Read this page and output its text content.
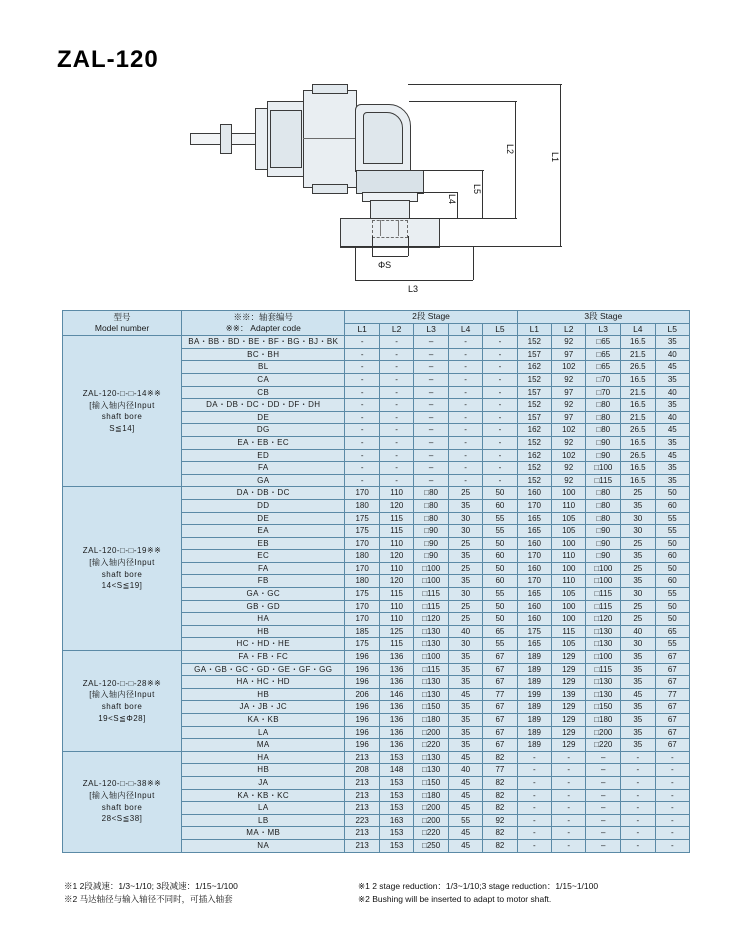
ZAL-120
L1
L2
L5
L4
ΦS
L3
型号
Model number

※※：轴套编号
※※： Adapter code
	2段 Stage	3段 Stage
		L1	L2	L3	L4	L5	L1	L2	L3	L4	L5

ZAL-120-□-□-14※※
[输入轴内径Input
shaft bore
S≦14]	BA・BB・BD・BE・BF・BG・BJ・BK	-	-	–	-	-	152	92	□65	16.5	35
	BC・BH	-	-	–	-	-	157	97	□65	21.5	40
	BL	-	-	–	-	-	162	102	□65	26.5	45
	CA	-	-	–	-	-	152	92	□70	16.5	35
	CB	-	-	–	-	-	157	97	□70	21.5	40
	DA・DB・DC・DD・DF・DH	-	-	–	-	-	152	92	□80	16.5	35
	DE	-	-	–	-	-	157	97	□80	21.5	40
	DG	-	-	–	-	-	162	102	□80	26.5	45
	EA・EB・EC	-	-	–	-	-	152	92	□90	16.5	35
	ED	-	-	–	-	-	162	102	□90	26.5	45
	FA	-	-	–	-	-	152	92	□100	16.5	35
	GA	-	-	–	-	-	152	92	□115	16.5	35

ZAL-120-□-□-19※※
[输入轴内径Input
shaft bore
14<S≦19]	DA・DB・DC	170	110	□80	25	50	160	100	□80	25	50
	DD	180	120	□80	35	60	170	110	□80	35	60
	DE	175	115	□80	30	55	165	105	□80	30	55
	EA	175	115	□90	30	55	165	105	□90	30	55
	EB	170	110	□90	25	50	160	100	□90	25	50
	EC	180	120	□90	35	60	170	110	□90	35	60
	FA	170	110	□100	25	50	160	100	□100	25	50
	FB	180	120	□100	35	60	170	110	□100	35	60
	GA・GC	175	115	□115	30	55	165	105	□115	30	55
	GB・GD	170	110	□115	25	50	160	100	□115	25	50
	HA	170	110	□120	25	50	160	100	□120	25	50
	HB	185	125	□130	40	65	175	115	□130	40	65
	HC・HD・HE	175	115	□130	30	55	165	105	□130	30	55

ZAL-120-□-□-28※※
[输入轴内径Input
shaft bore
19<S≦Φ28]	FA・FB・FC	196	136	□100	35	67	189	129	□100	35	67
	GA・GB・GC・GD・GE・GF・GG	196	136	□115	35	67	189	129	□115	35	67
	HA・HC・HD	196	136	□130	35	67	189	129	□130	35	67
	HB	206	146	□130	45	77	199	139	□130	45	77
	JA・JB・JC	196	136	□150	35	67	189	129	□150	35	67
	KA・KB	196	136	□180	35	67	189	129	□180	35	67
	LA	196	136	□200	35	67	189	129	□200	35	67
	MA	196	136	□220	35	67	189	129	□220	35	67

ZAL-120-□-□-38※※
[输入轴内径Input
shaft bore
28<S≦38]	HA	213	153	□130	45	82	-	-	–	-	-
	HB	208	148	□130	40	77	-	-	–	-	-
	JA	213	153	□150	45	82	-	-	–	-	-
	KA・KB・KC	213	153	□180	45	82	-	-	–	-	-
	LA	213	153	□200	45	82	-	-	–	-	-
	LB	223	163	□200	55	92	-	-	–	-	-
	MA・MB	213	153	□220	45	82	-	-	–	-	-
	NA	213	153	□250	45	82	-	-	–	-	-
※1 2段减速：1/3~1/10; 3段减速：1/15~1/100
※2 马达轴径与输入轴径不同时，可插入轴套
※1 2 stage reduction：1/3~1/10;3 stage reduction：1/15~1/100
※2 Bushing will be inserted to adapt to motor shaft.
